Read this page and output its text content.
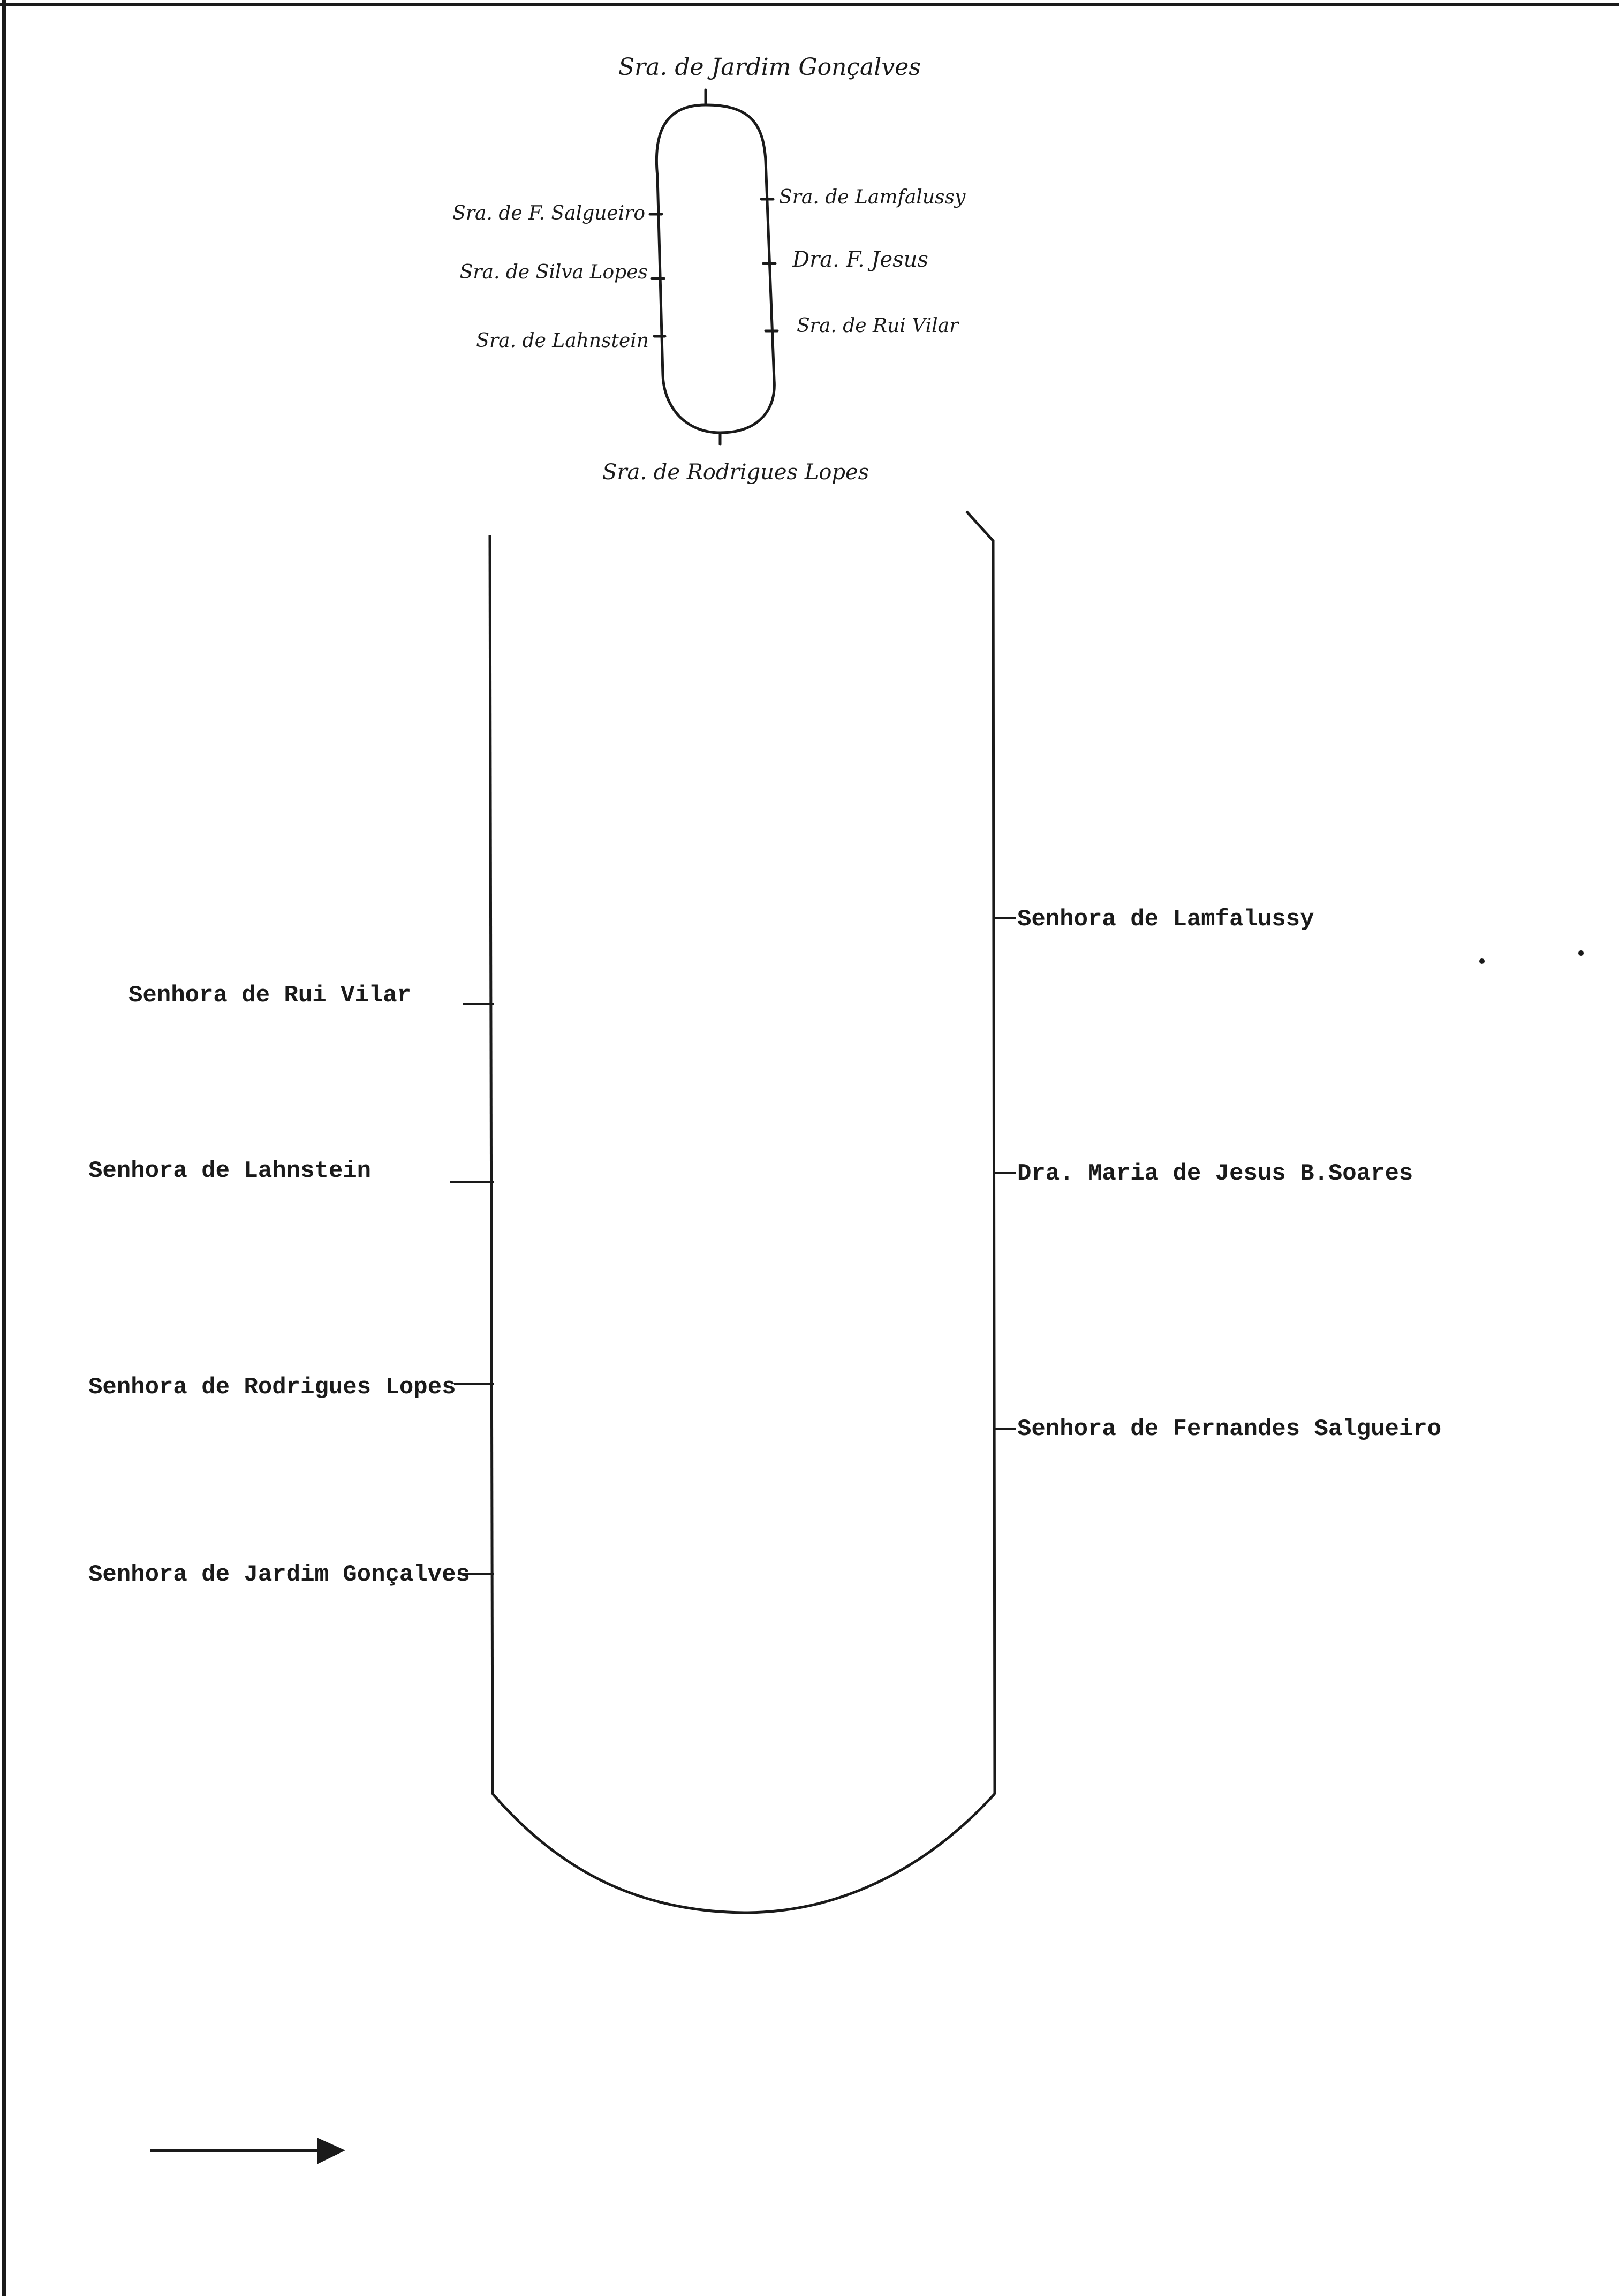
Sra. de Jardim Gonçalves
Sra. de Rodrigues Lopes
Sra. de F. Salgueiro
Sra. de Silva Lopes
Sra. de Lahnstein
Sra. de Lamfalussy
Dra. F. Jesus
Sra. de Rui Vilar
Senhora de Rui Vilar
Senhora de Lahnstein
Senhora de Rodrigues Lopes
Senhora de Jardim Gonçalves
Senhora de Lamfalussy
Dra. Maria de Jesus B.Soares
Senhora de Fernandes Salgueiro
